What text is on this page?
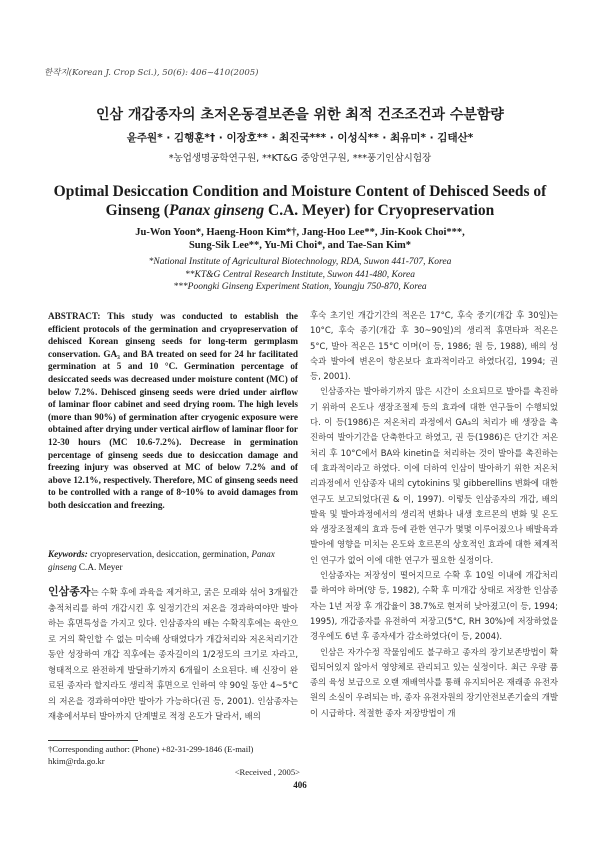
한작지(Korean J. Crop Sci.), 50(6): 406~410(2005)
인삼 개갑종자의 초저온동결보존을 위한 최적 건조조건과 수분함량
윤주원* · 김행훈*† · 이장호** · 최진국*** · 이성식** · 최유미* · 김태산*
*농업생명공학연구원, **KT&G 중앙연구원, ***풍기인삼시험장
Optimal Desiccation Condition and Moisture Content of Dehisced Seeds of
Ginseng (Panax ginseng C.A. Meyer) for Cryopreservation
Ju-Won Yoon*, Haeng-Hoon Kim*†, Jang-Hoo Lee**, Jin-Kook Choi***,
Sung-Sik Lee**, Yu-Mi Choi*, and Tae-San Kim*
*National Institute of Agricultural Biotechnology, RDA, Suwon 441-707, Korea
**KT&G Central Research Institute, Suwon 441-480, Korea
***Poongki Ginseng Experiment Station, Youngju 750-870, Korea
ABSTRACT: This study was conducted to establish the efficient protocols of the germination and cryopreservation of dehisced Korean ginseng seeds for long-term germplasm conservation. GA₃ and BA treated on seed for 24 hr facilitated germination at 5 and 10 °C. Germination percentage of desiccated seeds was decreased under moisture content (MC) of below 7.2%. Dehisced ginseng seeds were dried under airflow of laminar floor cabinet and seed drying room. The high levels (more than 90%) of germination after cryogenic exposure were obtained after drying under vertical airflow of laminar floor for 12-30 hours (MC 10.6-7.2%). Decrease in germination percentage of ginseng seeds due to desiccation damage and freezing injury was observed at MC of below 7.2% and of above 12.1%, respectively. Therefore, MC of ginseng seeds need to be controlled with a range of 8~10% to avoid damages from both desiccation and freezing.
Keywords: cryopreservation, desiccation, germination, Panax ginseng C.A. Meyer
인삼종자는 수확 후에 과육을 제거하고, 굵은 모래와 섞어 3개월간 충적처리를 하여 개갑시킨 후 일정기간의 저온을 경과하여야만 발아하는 휴면특성을 가지고 있다. 인삼종자의 배는 수확직후에는 육안으로 거의 확인할 수 없는 미숙배 상태였다가 개갑처리와 저온처리기간 동안 성장하여 개갑 직후에는 종자길이의 1/2정도의 크기로 자라고, 형태적으로 완전하게 발달하기까지 6개월이 소요된다. 배 신장이 완료된 종자라 할지라도 생리적 휴면으로 인하여 약 90일 동안 4~5°C의 저온을 경과하여야만 발아가 가능하다(권 등, 2001). 인삼종자는 재총에서부터 발아까지 단계별로 적정 온도가 달라서, 배의
†Corresponding author: (Phone) +82-31-299-1846 (E-mail) hkim@rda.go.kr
<Received , 2005>

후숙 초기인 개갑기간의 적온은 17°C, 후숙 중기(개갑 후 30일)는 10°C, 후숙 종기(개갑 후 30~90일)의 생리적 휴면타파 적온은 5°C, 발아 적온은 15°C 이며(이 등, 1986; 원 등, 1988), 배의 성숙과 발아에 변온이 항온보다 효과적이라고 하였다(김, 1994; 권 등, 2001).

인삼종자는 발아하기까지 많은 시간이 소요되므로 발아를 촉진하기 위하여 온도나 생장조절제 등의 효과에 대한 연구들이 수행되었다. 이 등(1986)은 저온처리 과정에서 GA₃의 처리가 배 생장을 촉진하여 발아기간을 단축한다고 하였고, 권 등(1986)은 단기간 저온처리 후 10°C에서 BA와 kinetin을 처리하는 것이 발아를 촉진하는데 효과적이라고 하였다. 이에 더하여 인삼이 발아하기 위한 저온처리과정에서 인삼종자 내의 cytokinins 및 gibberellins 변화에 대한 연구도 보고되었다(권 & 이, 1997). 이렇듯 인삼종자의 개갑, 배의 발육 및 발아과정에서의 생리적 변화나 내생 호르몬의 변화 및 온도와 생장조절제의 효과 등에 관한 연구가 몇몇 이루어졌으나 배발육과 발아에 영향을 미치는 온도와 호르몬의 상호적인 효과에 대한 체계적인 연구가 없어 이에 대한 연구가 필요한 실정이다.

인삼종자는 저장성이 떨어지므로 수확 후 10일 이내에 개갑처리를 하여야 하며(양 등, 1982), 수확 후 미개갑 상태로 저장한 인삼종자는 1년 저장 후 개갑율이 38.7%로 현저히 낮아졌고(이 등, 1994; 1995), 개갑종자를 유전하여 저장고(5°C, RH 30%)에 저장하였을 경우에도 6년 후 종자세가 감소하였다(이 등, 2004).

인삼은 자가수정 작물임에도 불구하고 종자의 장기보존방법이 확립되어있지 않아서 영양체로 관리되고 있는 실정이다. 최근 우량 품종의 육성 보급으로 오랜 재배역사를 통해 유지되어온 재래종 유전자원의 소실이 우려되는 바, 종자 유전자원의 장기안전보존기술의 개발이 시급하다. 적절한 종자 저장방법이 개

406
